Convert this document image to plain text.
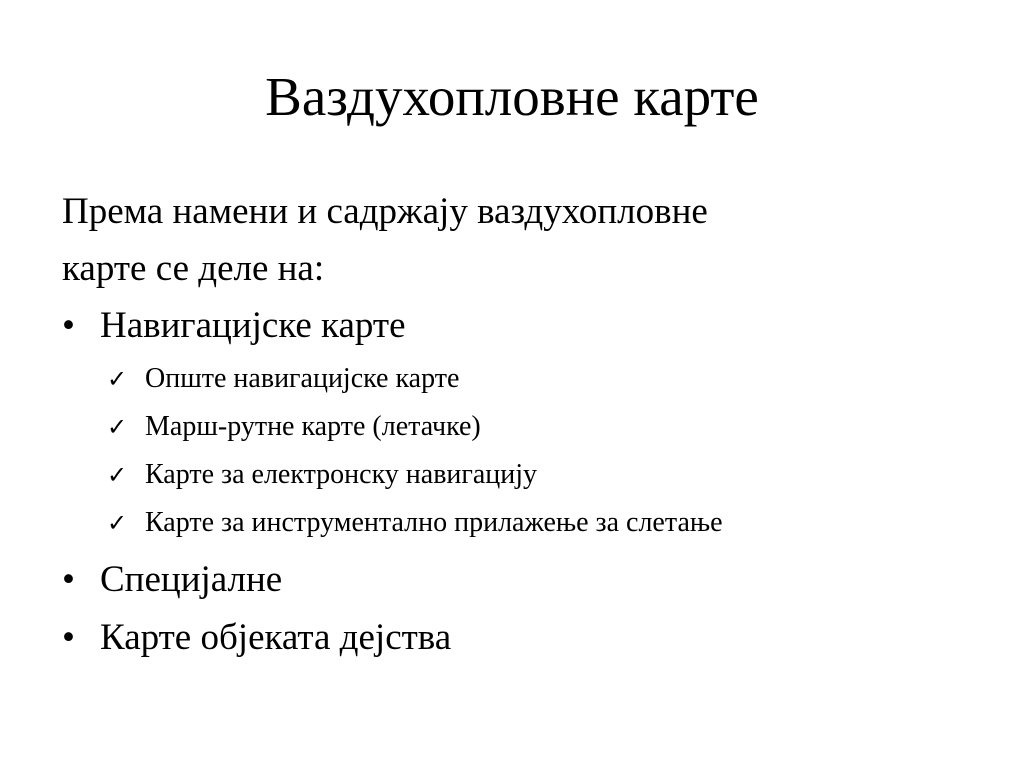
Ваздухопловне карте

Према намени и садржају ваздухопловне

карте се деле на:

• Навигацијске карте
✓ Опште навигацијске карте
✓ Марш-рутне карте (летачке)
✓ Карте за електронску навигацију
✓ Карте за инструментално прилажење за слетање
• Специјалне
• Карте објеката дејства
